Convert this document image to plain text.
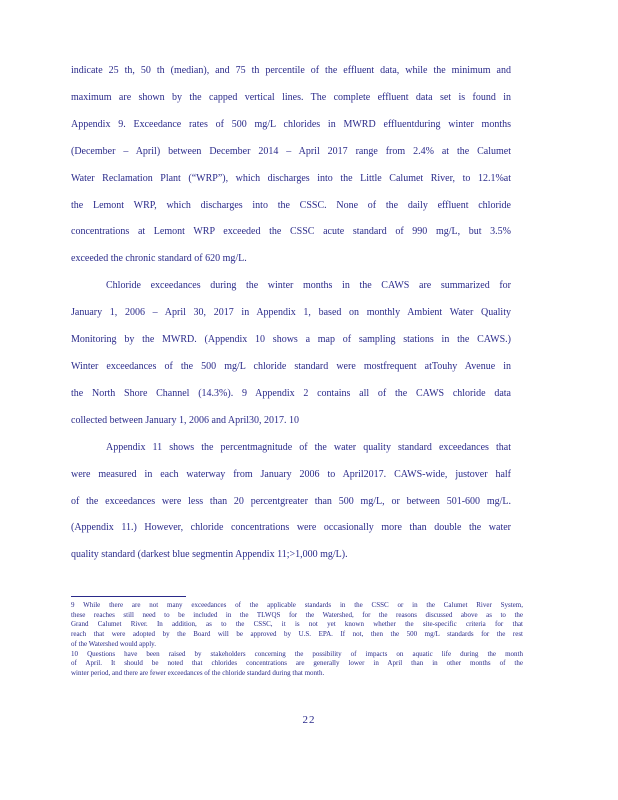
indicate 25 th, 50 th (median), and 75 th percentile of the effluent data, while the minimum and
maximum are shown by the capped vertical lines. The complete effluent data set is found in
Appendix 9. Exceedance rates of 500 mg/L chlorides in MWRD effluentduring winter months
(December – April) between December 2014 – April 2017 range from 2.4% at the Calumet
Water Reclamation Plant (“WRP”), which discharges into the Little Calumet River, to 12.1%at
the Lemont WRP, which discharges into the CSSC. None of the daily effluent chloride
concentrations at Lemont WRP exceeded the CSSC acute standard of 990 mg/L, but 3.5%
exceeded the chronic standard of 620 mg/L.
Chloride exceedances during the winter months in the CAWS are summarized for
January 1, 2006 – April 30, 2017 in Appendix 1, based on monthly Ambient Water Quality
Monitoring by the MWRD. (Appendix 10 shows a map of sampling stations in the CAWS.)
Winter exceedances of the 500 mg/L chloride standard were mostfrequent atTouhy Avenue in
the North Shore Channel (14.3%). 9 Appendix 2 contains all of the CAWS chloride data
collected between January 1, 2006 and April30, 2017. 10
Appendix 11 shows the percentmagnitude of the water quality standard exceedances that
were measured in each waterway from January 2006 to April2017. CAWS-wide, justover half
of the exceedances were less than 20 percentgreater than 500 mg/L, or between 501-600 mg/L.
(Appendix 11.) However, chloride concentrations were occasionally more than double the water
quality standard (darkest blue segmentin Appendix 11;>1,000 mg/L).
9 While there are not many exceedances of the applicable standards in the CSSC or in the Calumet River System,
these reaches still need to be included in the TLWQS for the Watershed, for the reasons discussed above as to the
Grand Calumet River. In addition, as to the CSSC, it is not yet known whether the site-specific criteria for that
reach that were adopted by the Board will be approved by U.S. EPA. If not, then the 500 mg/L standards for the rest
of the Watershed would apply.
10 Questions have been raised by stakeholders concerning the possibility of impacts on aquatic life during the month
of April. It should be noted that chlorides concentrations are generally lower in April than in other months of the
winter period, and there are fewer exceedances of the chloride standard during that month.
22
